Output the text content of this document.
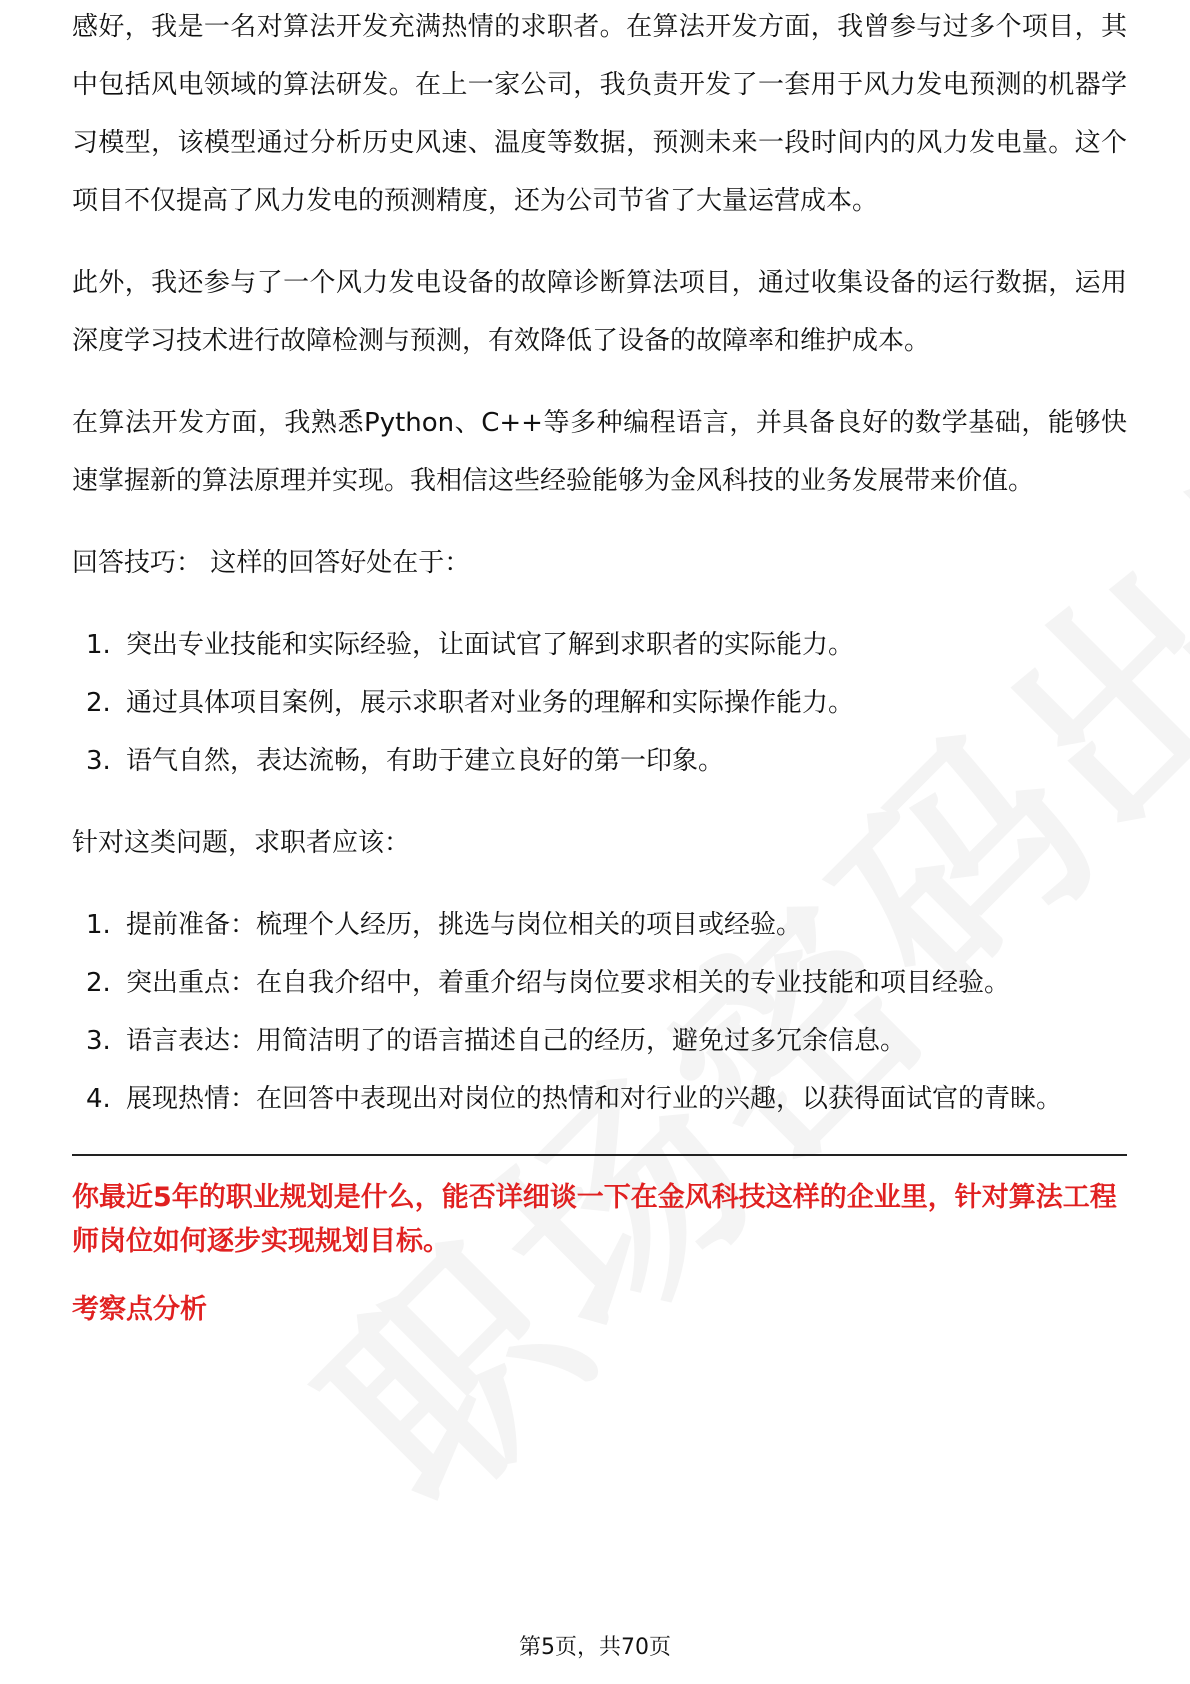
感好，我是一名对算法开发充满热情的求职者。在算法开发方面，我曾参与过多个项目，其中包括风电领域的算法研发。在上一家公司，我负责开发了一套用于风力发电预测的机器学习模型，该模型通过分析历史风速、温度等数据，预测未来一段时间内的风力发电量。这个项目不仅提高了风力发电的预测精度，还为公司节省了大量运营成本。

此外，我还参与了一个风力发电设备的故障诊断算法项目，通过收集设备的运行数据，运用深度学习技术进行故障检测与预测，有效降低了设备的故障率和维护成本。

在算法开发方面，我熟悉Python、C++等多种编程语言，并具备良好的数学基础，能够快速掌握新的算法原理并实现。我相信这些经验能够为金风科技的业务发展带来价值。

回答技巧： 这样的回答好处在于：

1. 突出专业技能和实际经验，让面试官了解到求职者的实际能力。
2. 通过具体项目案例，展示求职者对业务的理解和实际操作能力。
3. 语气自然，表达流畅，有助于建立良好的第一印象。

针对这类问题，求职者应该：

1. 提前准备：梳理个人经历，挑选与岗位相关的项目或经验。
2. 突出重点：在自我介绍中，着重介绍与岗位要求相关的专业技能和项目经验。
3. 语言表达：用简洁明了的语言描述自己的经历，避免过多冗余信息。
4. 展现热情：在回答中表现出对岗位的热情和对行业的兴趣，以获得面试官的青睐。

你最近5年的职业规划是什么，能否详细谈一下在金风科技这样的企业里，针对算法工程师岗位如何逐步实现规划目标。

考察点分析

第5页，共70页
